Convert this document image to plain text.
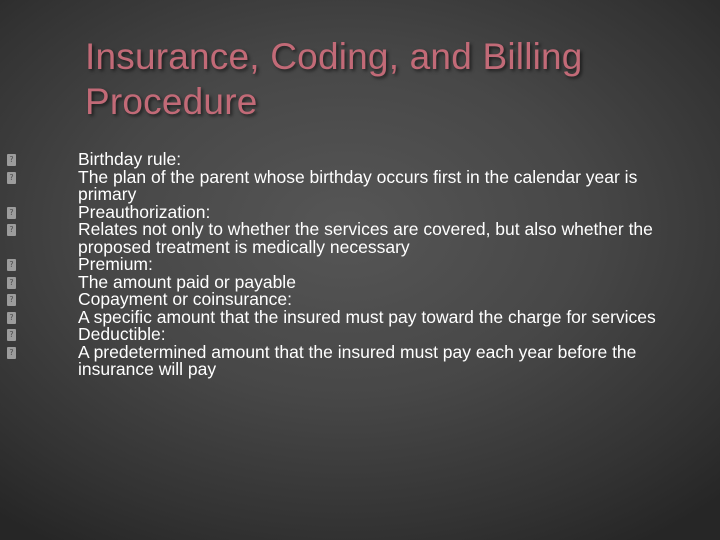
Insurance, Coding, and Billing Procedure
?
Birthday rule:
?
The plan of the parent whose birthday occurs first in the calendar year is primary
?
Preauthorization:
?
Relates not only to whether the services are covered, but also whether the proposed treatment is medically necessary
?
Premium:
?
The amount paid or payable
?
Copayment or coinsurance:
?
A specific amount that the insured must pay toward the charge for services
?
Deductible:
?
A predetermined amount that the insured must pay each year before the insurance will pay
